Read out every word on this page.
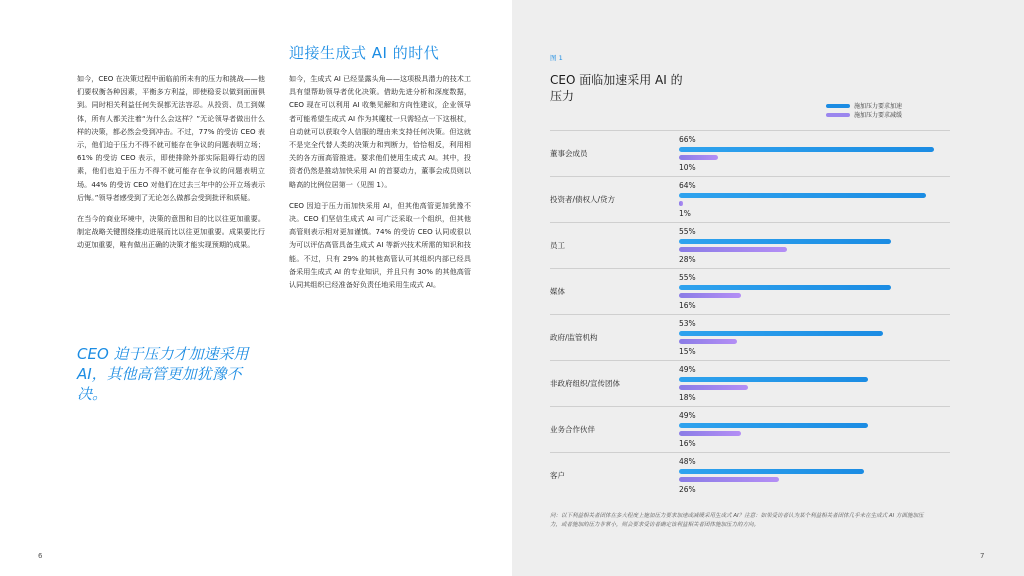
迎接生成式 AI 的时代

如今，CEO 在决策过程中面临前所未有的压力和挑战——他们要权衡各种因素，平衡多方利益，即使稳妥以做到面面俱到。同时相关利益任何失误都无法容忍。从投资、员工到媒体，所有人都关注着“为什么会这样？”无论领导者做出什么样的决策，都必然会受到冲击。不过，77% 的受访 CEO 表示，他们迫于压力不得不就可能存在争议的问题表明立场；61% 的受访 CEO 表示，即使排除外部实际阻碍行动的因素，他们也迫于压力不得不就可能存在争议的问题表明立场。44% 的受访 CEO 对他们在过去三年中的公开立场表示后悔。”领导者感受到了无论怎么做都会受到批评和质疑。

在当今的商业环境中，决策的意图和目的比以往更加重要。制定战略关键围绕推动进展而比以往更加重要。成果要比行动更加重要，唯有做出正确的决策才能实现预期的成果。

如今，生成式 AI 已经显露头角——这项极具潜力的技术工具有望帮助领导者优化决策。借助先进分析和深度数据，CEO 现在可以利用 AI 收集见解和方向性建议，企业领导者可能希望生成式 AI 作为其魔杖一只需轻点一下这根杖，自动就可以获取令人信服的理由来支持任何决策。但这就不是完全代替人类的决策力和判断力，恰恰相反，利用相关的各方面高管推进。要求他们使用生成式 AI。其中，投资者仍然是推动加快采用 AI 的首要动力，董事会成员则以略高的比例位居第一（见图 1）。

CEO 因迫于压力而加快采用 AI，但其他高管更加犹豫不决。CEO 们坚信生成式 AI 可广泛采取一个组织，但其他高管则表示相对更加谨慎。74% 的受访 CEO 认同或很以为可以评估高管具备生成式 AI 等新兴技术所需的知识和技能。不过，只有 29% 的其他高管认可其组织内部已经具备采用生成式 AI 的专业知识，并且只有 30% 的其他高管认同其组织已经准备好负责任地采用生成式 AI。

CEO 迫于压力才加速采用 AI，其他高管更加犹豫不决。
6	7
图 1
CEO 面临加速采用 AI 的压力
施加压力要求加速
施加压力要求减缓
董事会成员
66%
10%
投资者/债权人/贷方
64%
1%
员工
55%
28%
媒体
55%
16%
政府/监管机构
53%
15%
非政府组织/宣传团体
49%
18%
业务合作伙伴
49%
16%
客户
48%
26%
问：以下利益相关者团体在多大程度上施加压力要求加速或减缓采用生成式 AI？注意：如果受访者认为某个利益相关者团体几乎未在生成式 AI 方面施加压力，或者施加的压力非常小，则会要求受访者确定该利益相关者团体施加压力的方向。
